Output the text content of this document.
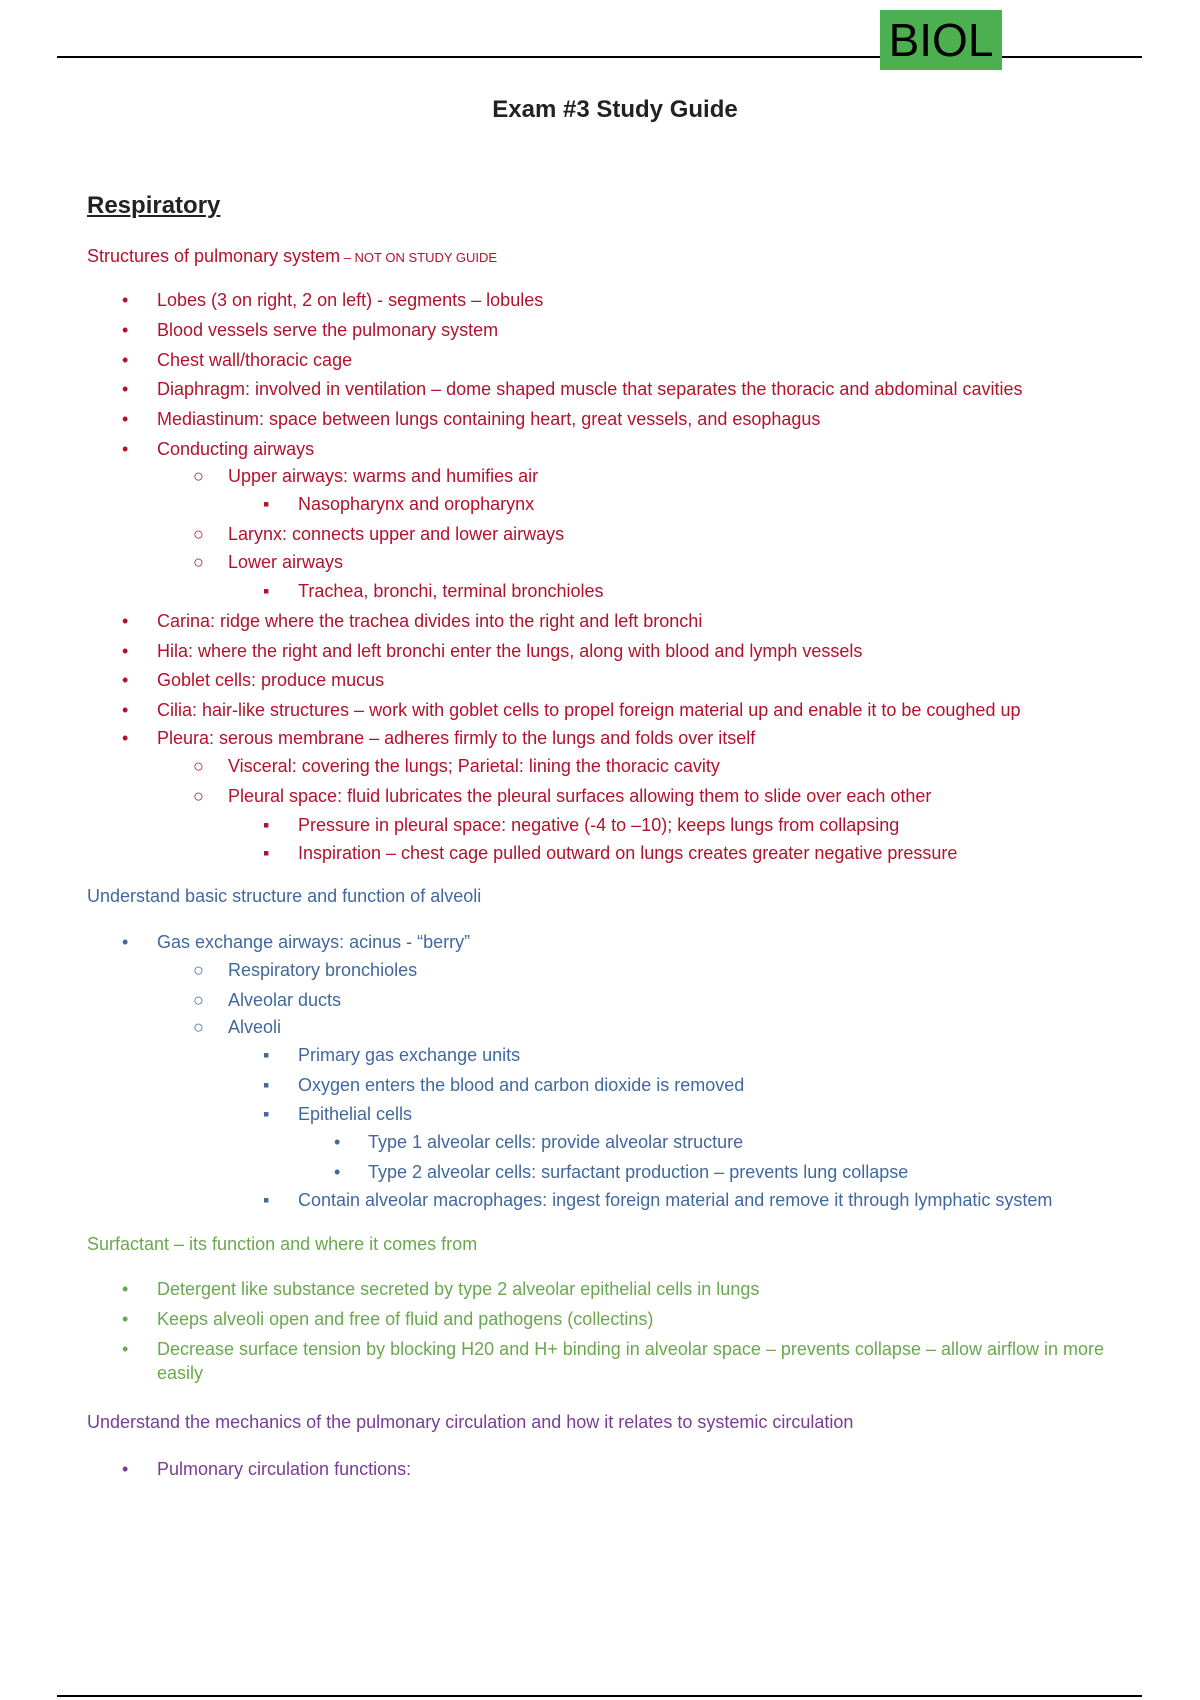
BIOL
Exam #3 Study Guide
Respiratory
Structures of pulmonary system – NOT ON STUDY GUIDE
• Lobes (3 on right, 2 on left) - segments – lobules
• Blood vessels serve the pulmonary system
• Chest wall/thoracic cage
• Diaphragm: involved in ventilation – dome shaped muscle that separates the thoracic and abdominal cavities
• Mediastinum: space between lungs containing heart, great vessels, and esophagus
• Conducting airways
○ Upper airways: warms and humifies air
▪ Nasopharynx and oropharynx
○ Larynx: connects upper and lower airways
○ Lower airways
▪ Trachea, bronchi, terminal bronchioles
• Carina: ridge where the trachea divides into the right and left bronchi
• Hila: where the right and left bronchi enter the lungs, along with blood and lymph vessels
• Goblet cells: produce mucus
• Cilia: hair-like structures – work with goblet cells to propel foreign material up and enable it to be coughed up
• Pleura: serous membrane – adheres firmly to the lungs and folds over itself
○ Visceral: covering the lungs; Parietal: lining the thoracic cavity
○ Pleural space: fluid lubricates the pleural surfaces allowing them to slide over each other
▪ Pressure in pleural space: negative (-4 to –10); keeps lungs from collapsing
▪ Inspiration – chest cage pulled outward on lungs creates greater negative pressure
Understand basic structure and function of alveoli
• Gas exchange airways: acinus - “berry”
○ Respiratory bronchioles
○ Alveolar ducts
○ Alveoli
▪ Primary gas exchange units
▪ Oxygen enters the blood and carbon dioxide is removed
▪ Epithelial cells
• Type 1 alveolar cells: provide alveolar structure
• Type 2 alveolar cells: surfactant production – prevents lung collapse
▪ Contain alveolar macrophages: ingest foreign material and remove it through lymphatic system
Surfactant – its function and where it comes from
• Detergent like substance secreted by type 2 alveolar epithelial cells in lungs
• Keeps alveoli open and free of fluid and pathogens (collectins)
• Decrease surface tension by blocking H20 and H+ binding in alveolar space – prevents collapse – allow airflow in more easily
Understand the mechanics of the pulmonary circulation and how it relates to systemic circulation
• Pulmonary circulation functions:
